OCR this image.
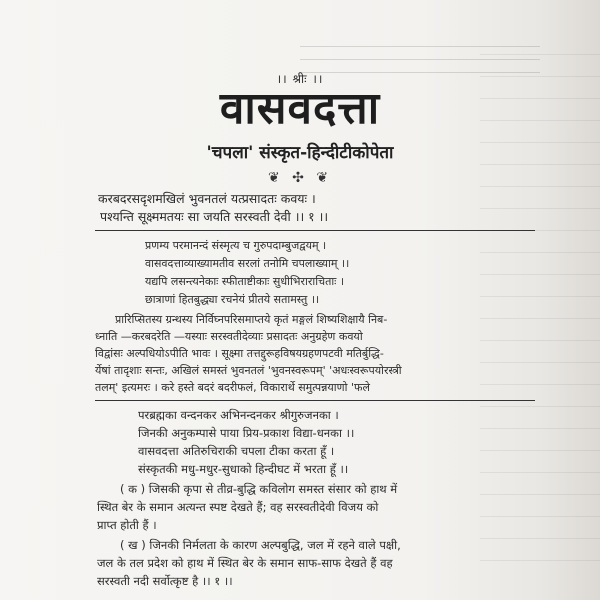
।। श्रीः ।।
वासवदत्ता
'चपला' संस्कृत-हिन्दीटीकोपेता
❦ ✣ ❦
करबदरसदृशमखिलं भुवनतलं यत्प्रसादतः कवयः ।
पश्यन्ति सूक्ष्ममतयः सा जयति सरस्वती देवी ।। १ ।।
प्रणम्य परमानन्दं संस्मृत्य च गुरुपदाम्बुजद्वयम् ।
वासवदत्ताव्याख्यामतीव सरलां तनोमि चपलाख्याम् ।।
यद्यपि लसन्त्यनेकाः स्फीताष्टीकाः सुधीभिराराचिताः ।
छात्राणां हितबुद्ध्या रचनेयं प्रीतये सतामस्तु ।।
प्रारिप्सितस्य ग्रन्थस्य निर्विघ्नपरिसमाप्तये कृतं मङ्गलं शिष्यशिक्षायै निब-
ध्नाति —करबदरेति —यस्याः सरस्वतीदेव्याः प्रसादतः अनुग्रहेण कवयो
विद्वांसः अल्पधियोऽपीति भावः । सूक्ष्मा तत्तद्दुरूहविषयग्रहणपटवी मतिर्बुद्धि-
र्येषां तादृशाः सन्तः, अखिलं समस्तं भुवनतलं 'भुवनस्वरूपम्' 'अधःस्वरूपयोरस्त्री
तलम्' इत्यमरः । करे हस्ते बदरं बदरीफलं, विकारार्थे समुत्पन्नयाणो 'फले
परब्रह्मका वन्दनकर अभिनन्दनकर श्रीगुरुजनका ।
जिनकी अनुकम्पासे पाया प्रिय-प्रकाश विद्या-धनका ।।
वासवदत्ता अतिरुचिराकी चपला टीका करता हूँ ।
संस्कृतकी मधु-मधुर-सुधाको हिन्दीघट में भरता हूँ ।।
( क ) जिसकी कृपा से तीव्र-बुद्धि कविलोग समस्त संसार को हाथ में
स्थित बेर के समान अत्यन्त स्पष्ट देखते हैं; वह सरस्वतीदेवी विजय को
प्राप्त होती हैं ।
( ख ) जिनकी निर्मलता के कारण अल्पबुद्धि, जल में रहने वाले पक्षी,
जल के तल प्रदेश को हाथ में स्थित बेर के समान साफ-साफ देखते हैं वह
सरस्वती नदी सर्वोत्कृष्ट है ।। १ ।।
